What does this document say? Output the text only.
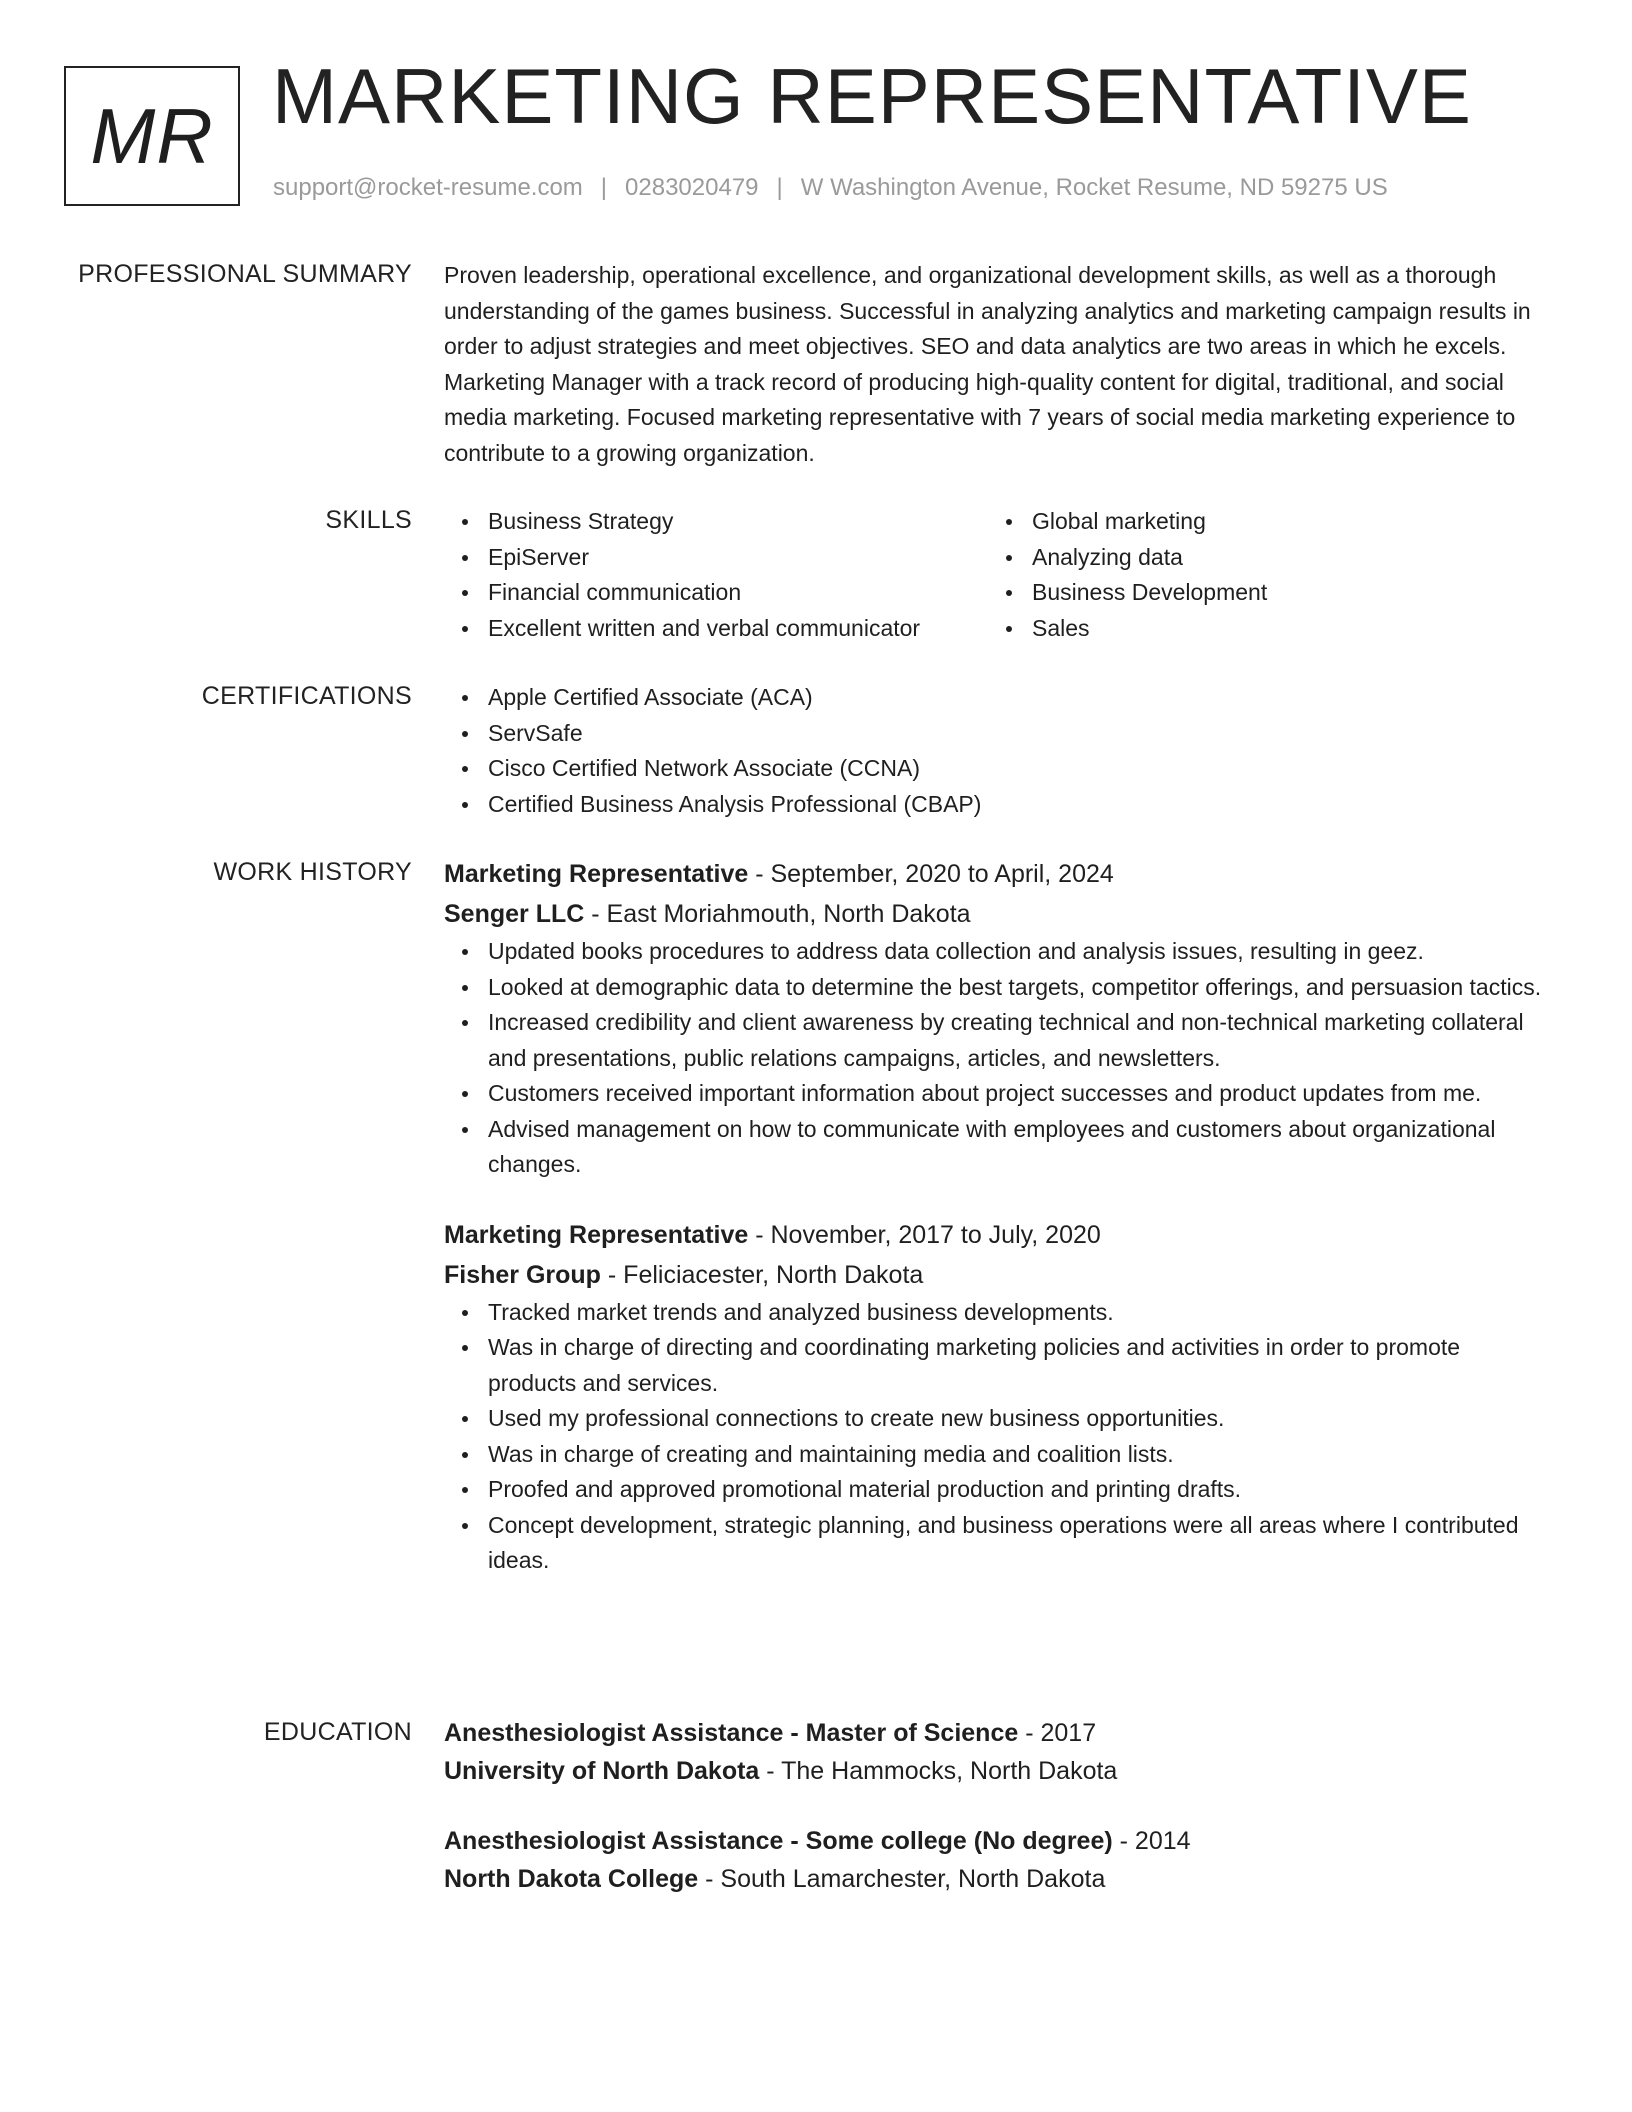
MR MARKETING REPRESENTATIVE
support@rocket-resume.com | 0283020479 | W Washington Avenue, Rocket Resume, ND 59275 US
PROFESSIONAL SUMMARY Proven leadership, operational excellence, and organizational development skills, as well as a thorough understanding of the games business. Successful in analyzing analytics and marketing campaign results in order to adjust strategies and meet objectives. SEO and data analytics are two areas in which he excels. Marketing Manager with a track record of producing high-quality content for digital, traditional, and social media marketing. Focused marketing representative with 7 years of social media marketing experience to contribute to a growing organization.

SKILLS	Business Strategy
EpiServer
Financial communication
Excellent written and verbal communicator
Global marketing
Analyzing data
Business Development
Sales
CERTIFICATIONS	Apple Certified Associate (ACA)
ServSafe
Cisco Certified Network Associate (CCNA)
Certified Business Analysis Professional (CBAP)
WORK HISTORY Marketing Representative - September, 2020 to April, 2024
Senger LLC - East Moriahmouth, North Dakota
Updated books procedures to address data collection and analysis issues, resulting in geez.
Looked at demographic data to determine the best targets, competitor offerings, and persuasion tactics.
Increased credibility and client awareness by creating technical and non-technical marketing collateral and presentations, public relations campaigns, articles, and newsletters.
Customers received important information about project successes and product updates from me.
Advised management on how to communicate with employees and customers about organizational changes.
Marketing Representative - November, 2017 to July, 2020
Fisher Group - Feliciacester, North Dakota
Tracked market trends and analyzed business developments.
Was in charge of directing and coordinating marketing policies and activities in order to promote products and services.
Used my professional connections to create new business opportunities.
Was in charge of creating and maintaining media and coalition lists.
Proofed and approved promotional material production and printing drafts.
Concept development, strategic planning, and business operations were all areas where I contributed ideas.
EDUCATION Anesthesiologist Assistance - Master of Science - 2017
University of North Dakota - The Hammocks, North Dakota
Anesthesiologist Assistance - Some college (No degree) - 2014
North Dakota College - South Lamarchester, North Dakota
